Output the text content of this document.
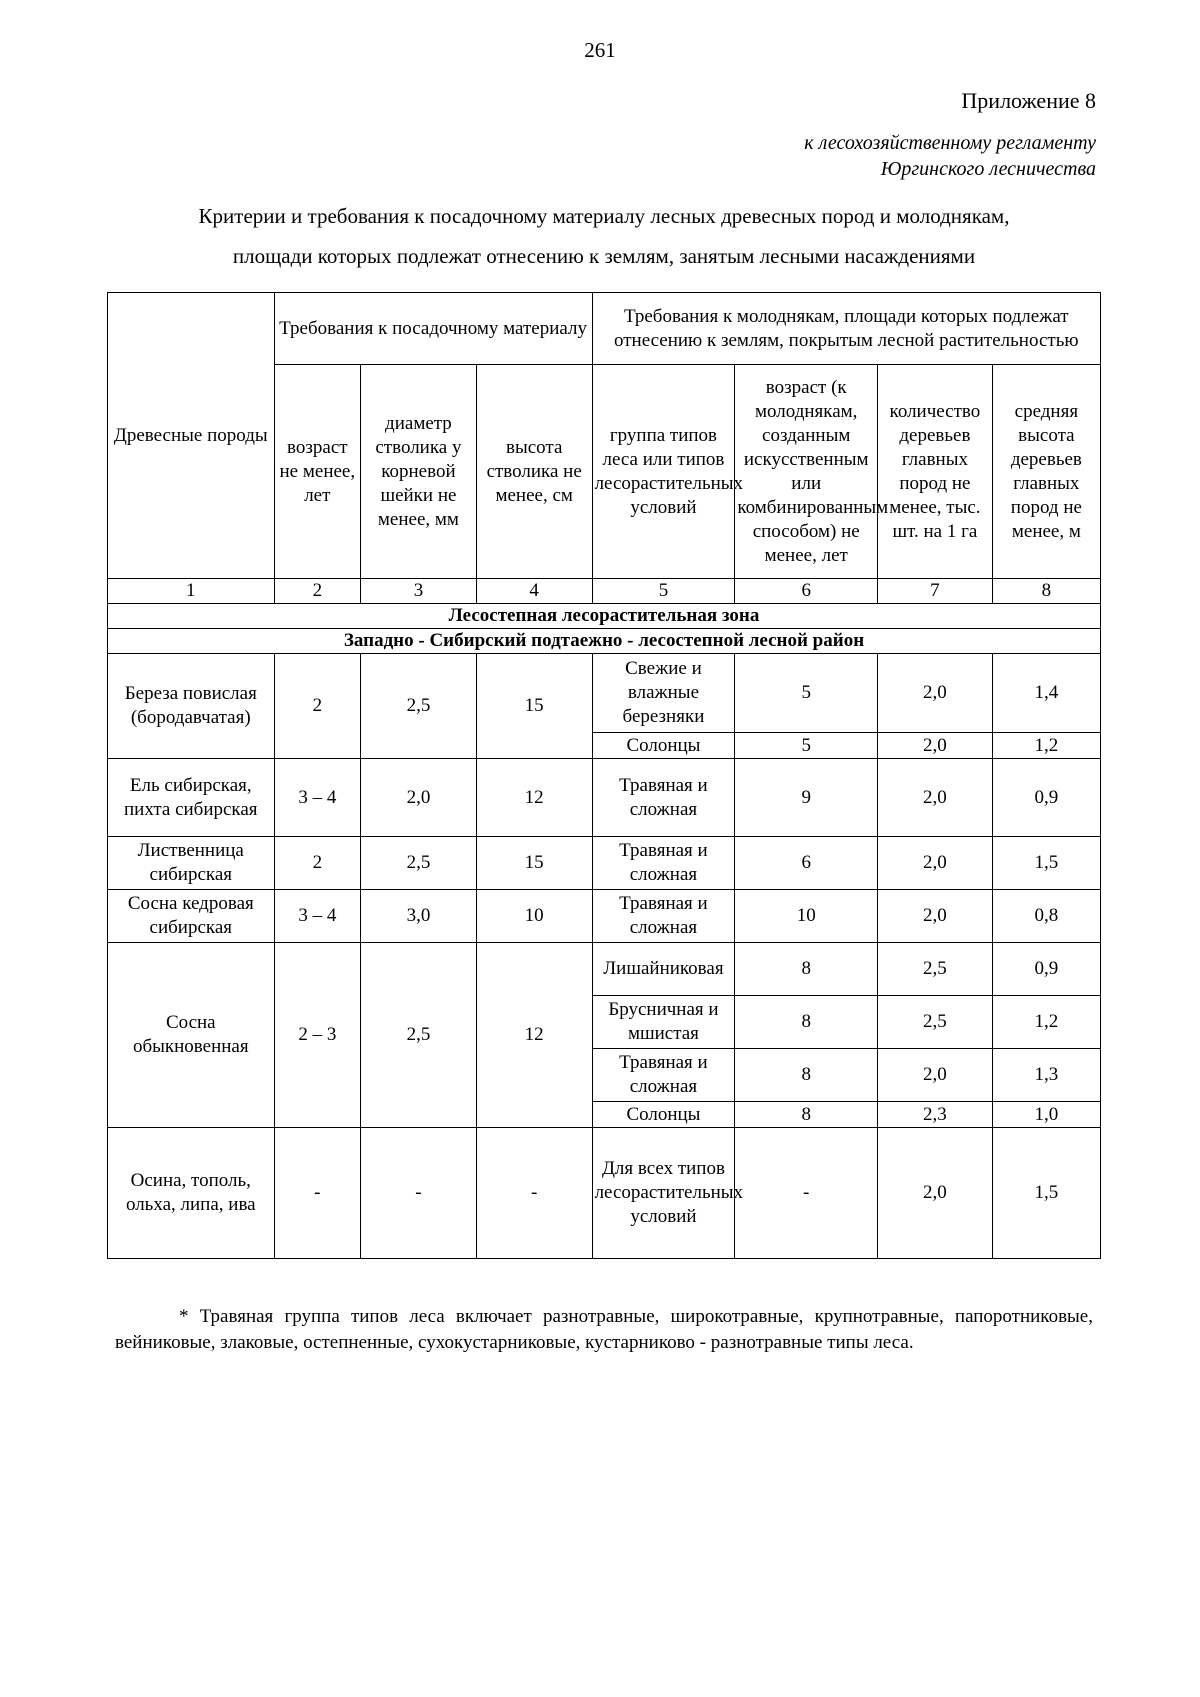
261
Приложение 8
к лесохозяйственному регламенту
Юргинского лесничества
Критерии и требования к посадочному материалу лесных древесных пород и молоднякам,
площади которых подлежат отнесению к землям, занятым лесными насаждениями
Древесные породы	Требования к посадочному материалу			Требования к молоднякам, площади которых подлежат отнесению к землям, покрытым лесной растительностью			
	возраст не менее, лет	диаметр стволика у корневой шейки не менее, мм	высота стволика не менее, см	группа типов леса или типов лесорастительных условий	возраст (к молоднякам, созданным искусственным или комбинированным способом) не менее, лет	количество деревьев главных пород не менее, тыс. шт. на 1 га	средняя высота деревьев главных пород не менее, м
1	2	3	4	5	6	7	8
Лесостепная лесорастительная зона							
Западно - Сибирский подтаежно - лесостепной лесной район							
Береза повислая (бородавчатая)	2	2,5	15	Свежие и влажные березняки	5	2,0	1,4
				Солонцы	5	2,0	1,2
Ель сибирская, пихта сибирская	3 – 4	2,0	12	Травяная и сложная	9	2,0	0,9
Лиственница сибирская	2	2,5	15	Травяная и сложная	6	2,0	1,5
Сосна кедровая сибирская	3 – 4	3,0	10	Травяная и сложная	10	2,0	0,8
Сосна обыкновенная	2 – 3	2,5	12	Лишайниковая	8	2,5	0,9
				Брусничная и мшистая	8	2,5	1,2
				Травяная и сложная	8	2,0	1,3
				Солонцы	8	2,3	1,0
Осина, тополь, ольха, липа, ива	-	-	-	Для всех типов лесорастительных условий	-	2,0	1,5

* Травяная группа типов леса включает разнотравные, широкотравные, крупнотравные, папоротниковые, вейниковые, злаковые, остепненные, сухокустарниковые, кустарниково - разнотравные типы леса.
